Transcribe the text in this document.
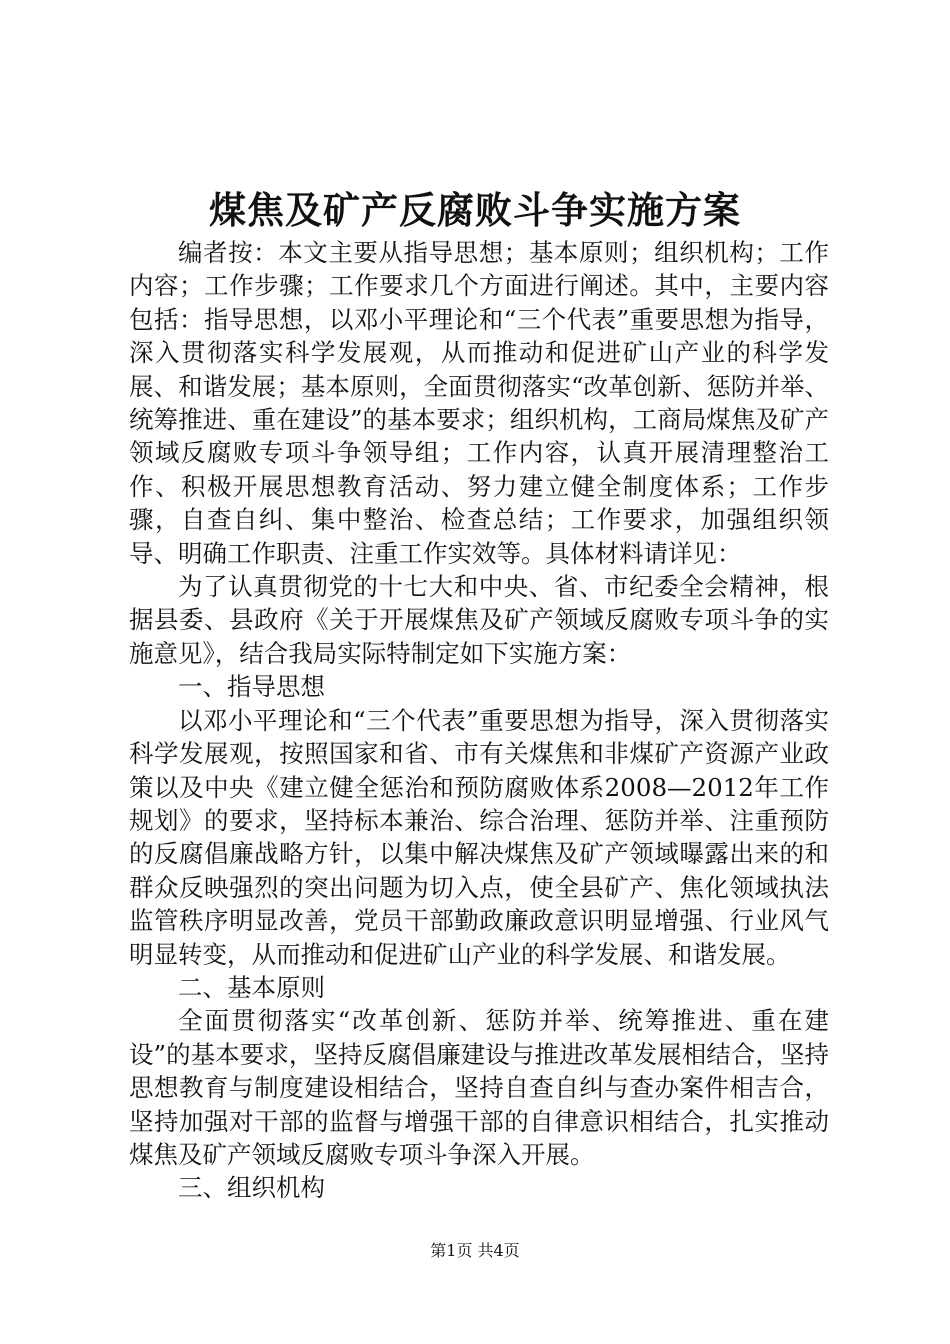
煤焦及矿产反腐败斗争实施方案

编者按：本文主要从指导思想；基本原则；组织机构；工作内容；工作步骤；工作要求几个方面进行阐述。其中，主要内容包括：指导思想，以邓小平理论和“三个代表”重要思想为指导，深入贯彻落实科学发展观，从而推动和促进矿山产业的科学发展、和谐发展；基本原则，全面贯彻落实“改革创新、惩防并举、统筹推进、重在建设”的基本要求；组织机构，工商局煤焦及矿产领域反腐败专项斗争领导组；工作内容，认真开展清理整治工作、积极开展思想教育活动、努力建立健全制度体系；工作步骤，自查自纠、集中整治、检查总结；工作要求，加强组织领导、明确工作职责、注重工作实效等。具体材料请详见：

为了认真贯彻党的十七大和中央、省、市纪委全会精神，根据县委、县政府《关于开展煤焦及矿产领域反腐败专项斗争的实施意见》，结合我局实际特制定如下实施方案：

一、指导思想

以邓小平理论和“三个代表”重要思想为指导，深入贯彻落实科学发展观，按照国家和省、市有关煤焦和非煤矿产资源产业政策以及中央《建立健全惩治和预防腐败体系2008—2012年工作规划》的要求，坚持标本兼治、综合治理、惩防并举、注重预防的反腐倡廉战略方针，以集中解决煤焦及矿产领域曝露出来的和群众反映强烈的突出问题为切入点，使全县矿产、焦化领域执法监管秩序明显改善，党员干部勤政廉政意识明显增强、行业风气明显转变，从而推动和促进矿山产业的科学发展、和谐发展。

二、基本原则

全面贯彻落实“改革创新、惩防并举、统筹推进、重在建设”的基本要求，坚持反腐倡廉建设与推进改革发展相结合，坚持思想教育与制度建设相结合，坚持自查自纠与查办案件相吉合，坚持加强对干部的监督与增强干部的自律意识相结合，扎实推动煤焦及矿产领域反腐败专项斗争深入开展。

三、组织机构

第1页 共4页
